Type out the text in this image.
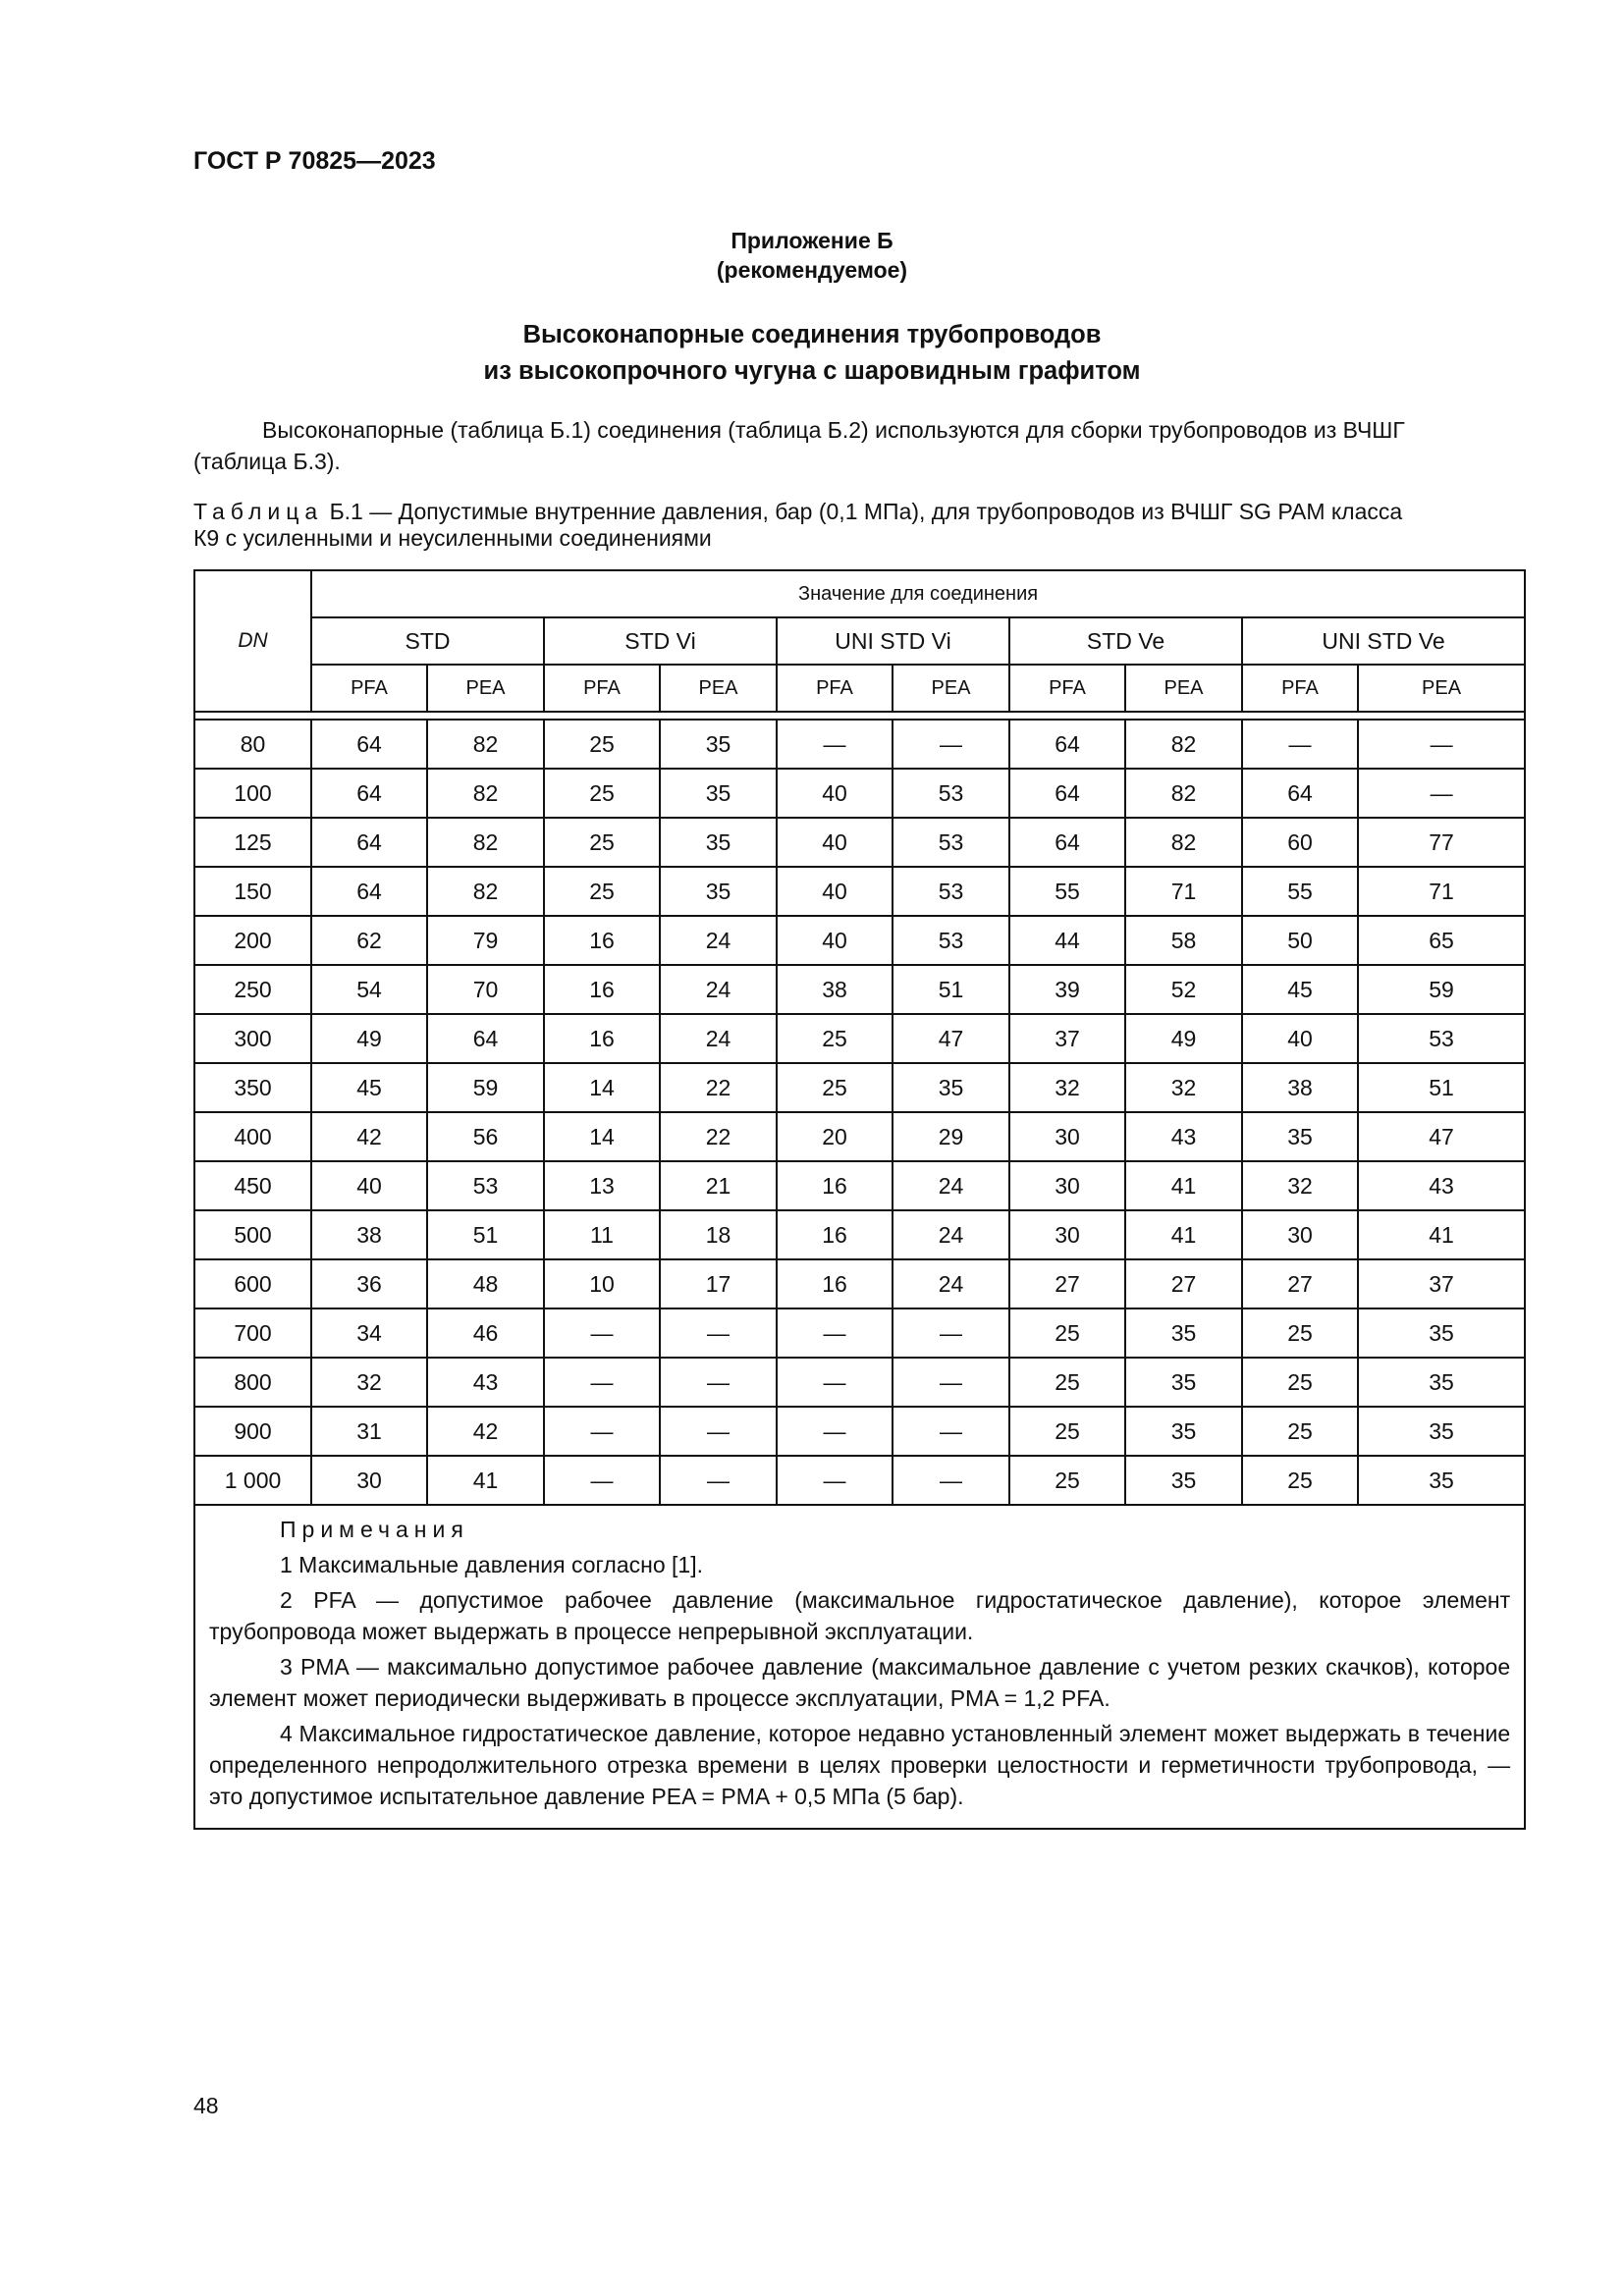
ГОСТ Р 70825—2023
Приложение Б
(рекомендуемое)
Высоконапорные соединения трубопроводов
из высокопрочного чугуна с шаровидным графитом
Высоконапорные (таблица Б.1) соединения (таблица Б.2) используются для сборки трубопроводов из ВЧШГ
(таблица Б.3).
Таблица Б.1 — Допустимые внутренние давления, бар (0,1 МПа), для трубопроводов из ВЧШГ SG PAM класса
К9 с усиленными и неусиленными соединениями
DN	Значение для соединения									
	STD		STD Vi		UNI STD Vi		STD Ve		UNI STD Ve	
	PFA	PEA	PFA	PEA	PFA	PEA	PFA	PEA	PFA	PEA

80	64	82	25	35	—	—	64	82	—	—
100	64	82	25	35	40	53	64	82	64	—
125	64	82	25	35	40	53	64	82	60	77
150	64	82	25	35	40	53	55	71	55	71
200	62	79	16	24	40	53	44	58	50	65
250	54	70	16	24	38	51	39	52	45	59
300	49	64	16	24	25	47	37	49	40	53
350	45	59	14	22	25	35	32	32	38	51
400	42	56	14	22	20	29	30	43	35	47
450	40	53	13	21	16	24	30	41	32	43
500	38	51	11	18	16	24	30	41	30	41
600	36	48	10	17	16	24	27	27	27	37
700	34	46	—	—	—	—	25	35	25	35
800	32	43	—	—	—	—	25	35	25	35
900	31	42	—	—	—	—	25	35	25	35
1 000	30	41	—	—	—	—	25	35	25	35

Примечания

1 Максимальные давления согласно [1].

2 PFA — допустимое рабочее давление (максимальное гидростатическое давление), которое элемент трубопровода может выдержать в процессе непрерывной эксплуатации.

3 PMA — максимально допустимое рабочее давление (максимальное давление с учетом резких скачков), которое элемент может периодически выдерживать в процессе эксплуатации, PMA = 1,2 PFA.

4 Максимальное гидростатическое давление, которое недавно установленный элемент может выдержать в течение определенного непродолжительного отрезка времени в целях проверки целостности и герметичности трубопровода, — это допустимое испытательное давление PEA = PMA + 0,5 МПа (5 бар).										

48
